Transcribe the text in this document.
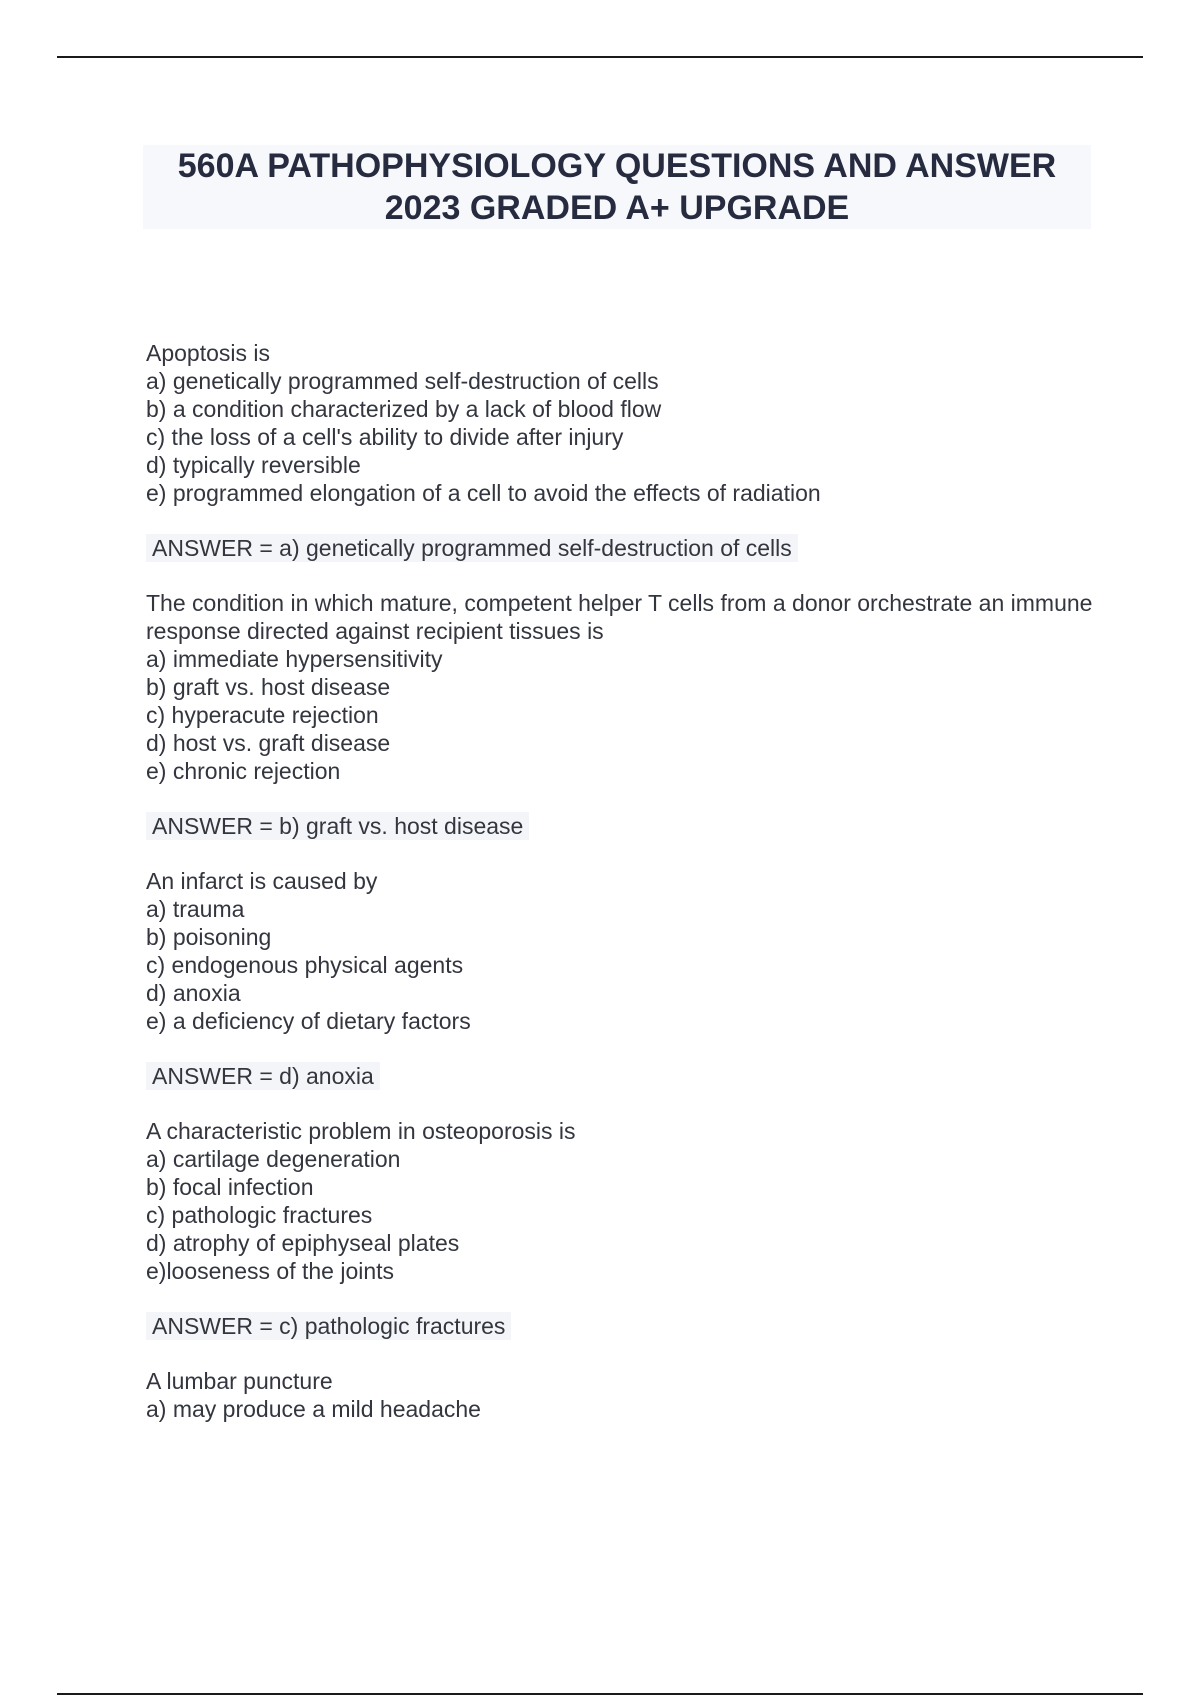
560A PATHOPHYSIOLOGY QUESTIONS AND ANSWER
2023 GRADED A+ UPGRADE
Apoptosis is
a) genetically programmed self-destruction of cells
b) a condition characterized by a lack of blood flow
c) the loss of a cell's ability to divide after injury
d) typically reversible
e) programmed elongation of a cell to avoid the effects of radiation
ANSWER = a) genetically programmed self-destruction of cells
The condition in which mature, competent helper T cells from a donor orchestrate an immune response directed against recipient tissues is
a) immediate hypersensitivity
b) graft vs. host disease
c) hyperacute rejection
d) host vs. graft disease
e) chronic rejection
ANSWER = b) graft vs. host disease
An infarct is caused by
a) trauma
b) poisoning
c) endogenous physical agents
d) anoxia
e) a deficiency of dietary factors
ANSWER = d) anoxia
A characteristic problem in osteoporosis is
a) cartilage degeneration
b) focal infection
c) pathologic fractures
d) atrophy of epiphyseal plates
e)looseness of the joints
ANSWER = c) pathologic fractures
A lumbar puncture
a) may produce a mild headache
